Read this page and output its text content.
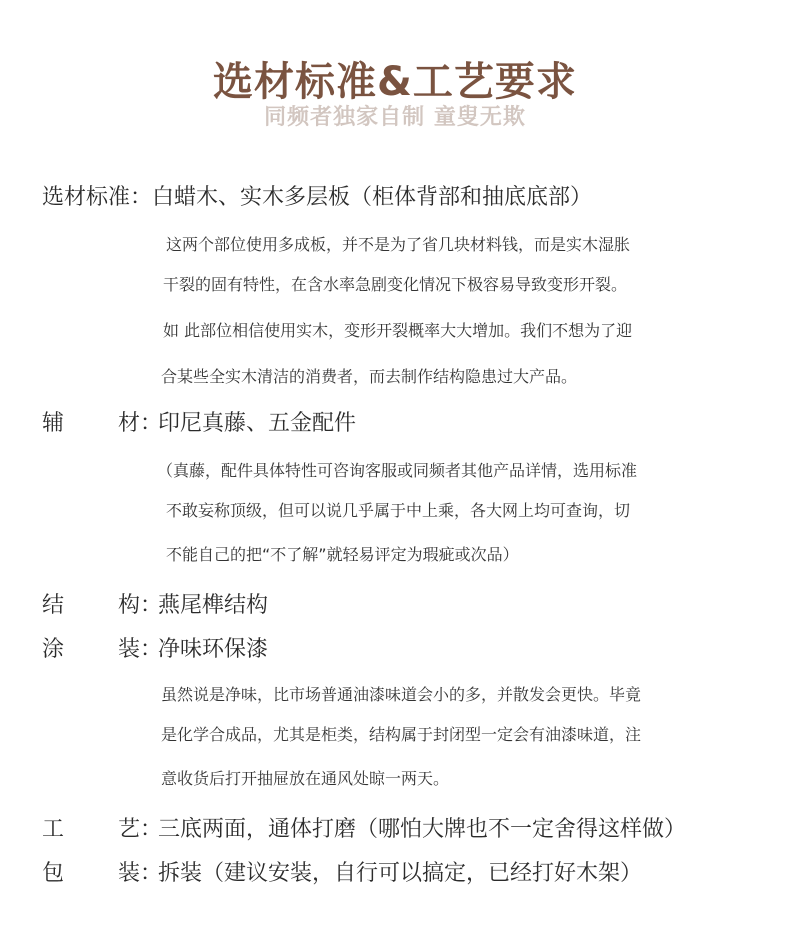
选材标准&工艺要求
同频者独家自制 童叟无欺
选材标准：白蜡木、实木多层板（柜体背部和抽底底部）
这两个部位使用多成板，并不是为了省几块材料钱，而是实木湿胀
干裂的固有特性，在含水率急剧变化情况下极容易导致变形开裂。
如 此部位相信使用实木，变形开裂概率大大增加。我们不想为了迎
合某些全实木清洁的消费者，而去制作结构隐患过大产品。
辅 材：印尼真藤、五金配件
（真藤，配件具体特性可咨询客服或同频者其他产品详情，选用标准
不敢妄称顶级，但可以说几乎属于中上乘，各大网上均可查询，切
不能自己的把“不了解”就轻易评定为瑕疵或次品）
结 构：燕尾榫结构
涂 装：净味环保漆
虽然说是净味，比市场普通油漆味道会小的多，并散发会更快。毕竟
是化学合成品，尤其是柜类，结构属于封闭型一定会有油漆味道，注
意收货后打开抽屉放在通风处晾一两天。
工 艺：三底两面，通体打磨（哪怕大牌也不一定舍得这样做）
包 装：拆装（建议安装，自行可以搞定，已经打好木架）
